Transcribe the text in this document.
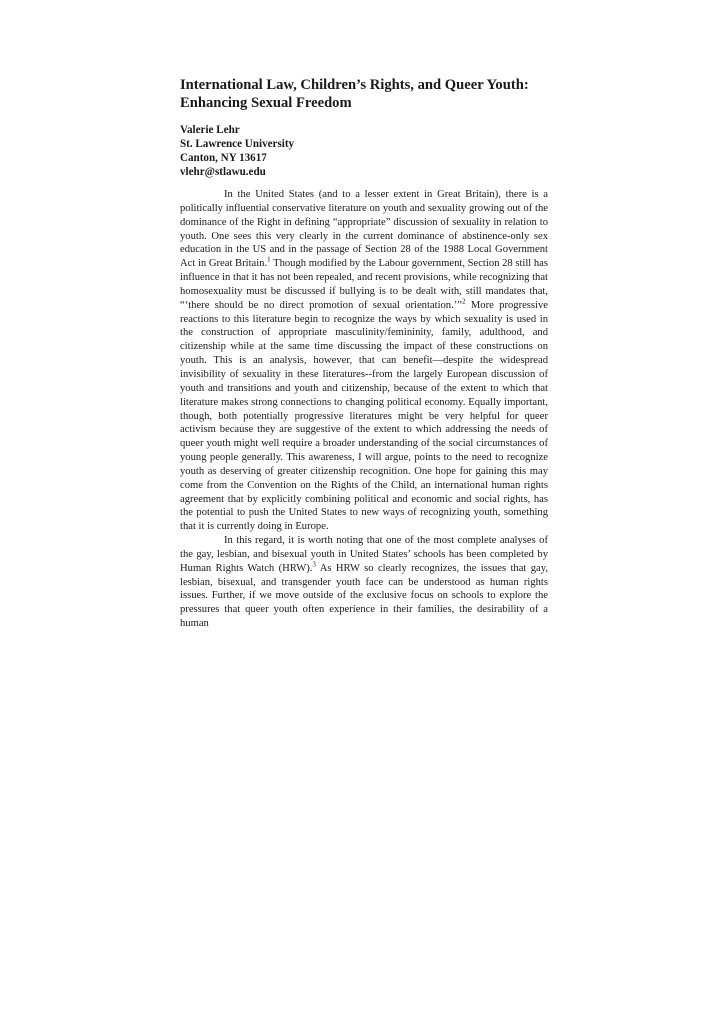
International Law, Children’s Rights, and Queer Youth:
Enhancing Sexual Freedom
Valerie Lehr
St. Lawrence University
Canton, NY 13617
vlehr@stlawu.edu

In the United States (and to a lesser extent in Great Britain), there is a politically influential conservative literature on youth and sexuality growing out of the dominance of the Right in defining “appropriate” discussion of sexuality in relation to youth. One sees this very clearly in the current dominance of abstinence-only sex education in the US and in the passage of Section 28 of the 1988 Local Government Act in Great Britain.$^1$ Though modified by the Labour government, Section 28 still has influence in that it has not been repealed, and recent provisions, while recognizing that homosexuality must be discussed if bullying is to be dealt with, still mandates that, “‘there should be no direct promotion of sexual orientation.’”$^2$ More progressive reactions to this literature begin to recognize the ways by which sexuality is used in the construction of appropriate masculinity/femininity, family, adulthood, and citizenship while at the same time discussing the impact of these constructions on youth. This is an analysis, however, that can benefit—despite the widespread invisibility of sexuality in these literatures--from the largely European discussion of youth and transitions and youth and citizenship, because of the extent to which that literature makes strong connections to changing political economy. Equally important, though, both potentially progressive literatures might be very helpful for queer activism because they are suggestive of the extent to which addressing the needs of queer youth might well require a broader understanding of the social circumstances of young people generally. This awareness, I will argue, points to the need to recognize youth as deserving of greater citizenship recognition. One hope for gaining this may come from the Convention on the Rights of the Child, an international human rights agreement that by explicitly combining political and economic and social rights, has the potential to push the United States to new ways of recognizing youth, something that it is currently doing in Europe.

In this regard, it is worth noting that one of the most complete analyses of the gay, lesbian, and bisexual youth in United States’ schools has been completed by Human Rights Watch (HRW).$^3$ As HRW so clearly recognizes, the issues that gay, lesbian, bisexual, and transgender youth face can be understood as human rights issues. Further, if we move outside of the exclusive focus on schools to explore the pressures that queer youth often experience in their families, the desirability of a human
